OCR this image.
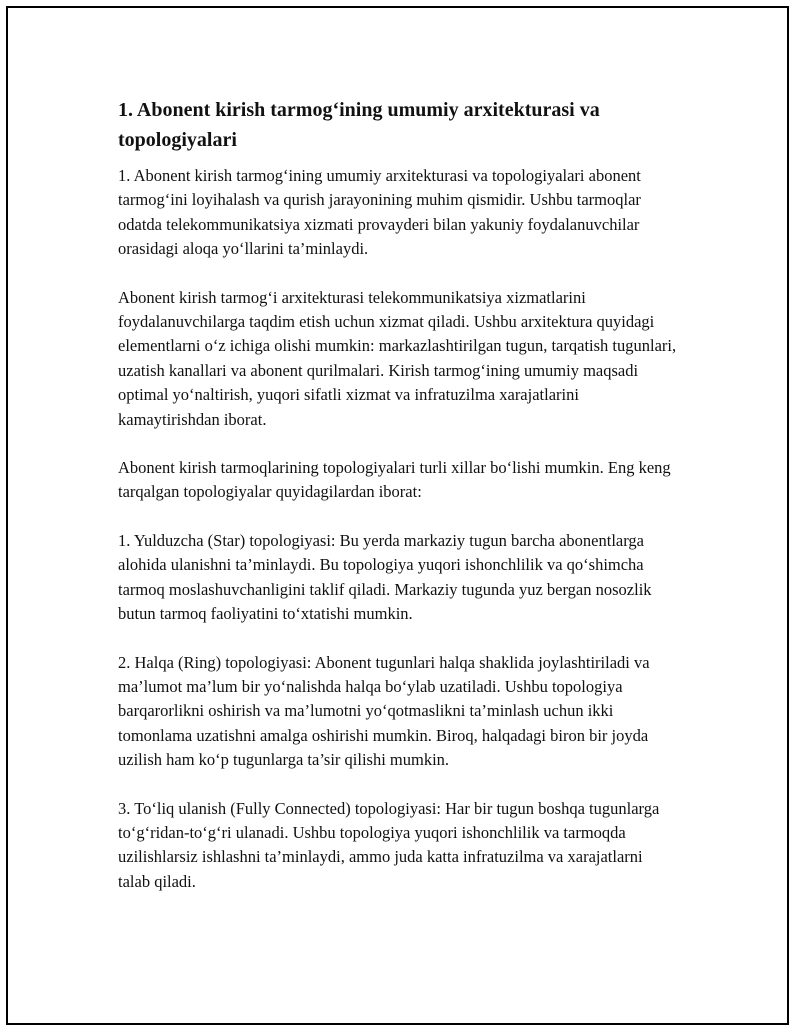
1. Abonent kirish tarmog‘ining umumiy arxitekturasi va topologiyalari
1. Abonent kirish tarmog‘ining umumiy arxitekturasi va topologiyalari abonent tarmog‘ini loyihalash va qurish jarayonining muhim qismidir. Ushbu tarmoqlar odatda telekommunikatsiya xizmati provayderi bilan yakuniy foydalanuvchilar orasidagi aloqa yo‘llarini ta’minlaydi.
Abonent kirish tarmog‘i arxitekturasi telekommunikatsiya xizmatlarini foydalanuvchilarga taqdim etish uchun xizmat qiladi. Ushbu arxitektura quyidagi elementlarni o‘z ichiga olishi mumkin: markazlashtirilgan tugun, tarqatish tugunlari, uzatish kanallari va abonent qurilmalari. Kirish tarmog‘ining umumiy maqsadi optimal yo‘naltirish, yuqori sifatli xizmat va infratuzilma xarajatlarini kamaytirishdan iborat.
Abonent kirish tarmoqlarining topologiyalari turli xillar bo‘lishi mumkin. Eng keng tarqalgan topologiyalar quyidagilardan iborat:
1. Yulduzcha (Star) topologiyasi: Bu yerda markaziy tugun barcha abonentlarga alohida ulanishni ta’minlaydi. Bu topologiya yuqori ishonchlilik va qo‘shimcha tarmoq moslashuvchanligini taklif qiladi. Markaziy tugunda yuz bergan nosozlik butun tarmoq faoliyatini to‘xtatishi mumkin.
2. Halqa (Ring) topologiyasi: Abonent tugunlari halqa shaklida joylashtiriladi va ma’lumot ma’lum bir yo‘nalishda halqa bo‘ylab uzatiladi. Ushbu topologiya barqarorlikni oshirish va ma’lumotni yo‘qotmaslikni ta’minlash uchun ikki tomonlama uzatishni amalga oshirishi mumkin. Biroq, halqadagi biron bir joyda uzilish ham ko‘p tugunlarga ta’sir qilishi mumkin.
3. To‘liq ulanish (Fully Connected) topologiyasi: Har bir tugun boshqa tugunlarga to‘g‘ridan-to‘g‘ri ulanadi. Ushbu topologiya yuqori ishonchlilik va tarmoqda uzilishlarsiz ishlashni ta’minlaydi, ammo juda katta infratuzilma va xarajatlarni talab qiladi.
